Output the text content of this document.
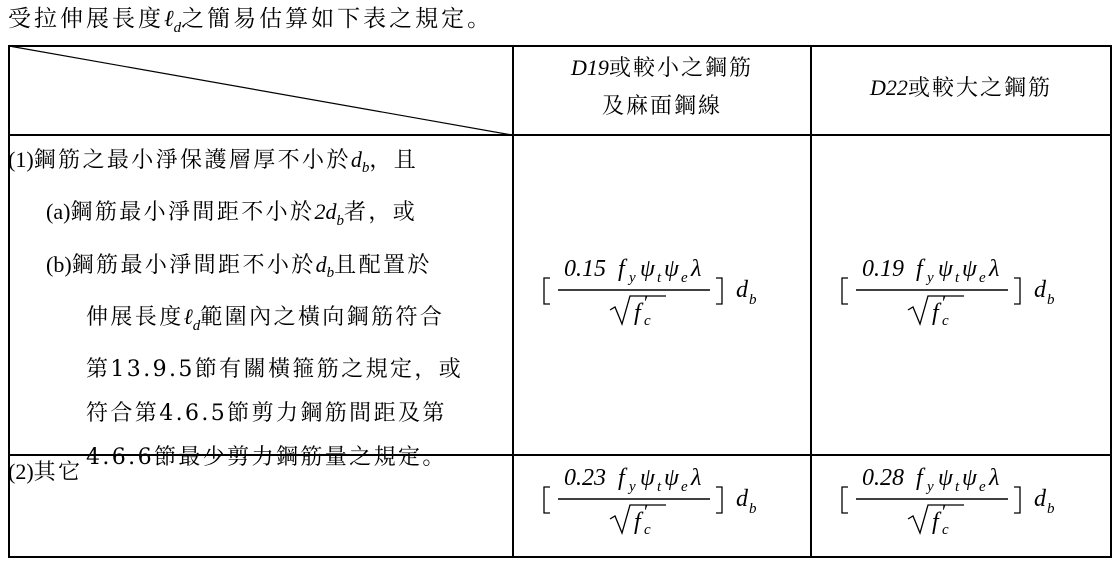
受拉伸展長度ℓ$_d$之簡易估算如下表之規定。
D19或較小之鋼筋
及麻面鋼線
D22或較大之鋼筋
(1)鋼筋之最小淨保護層厚不小於$d_b$，且
(a)鋼筋最小淨間距不小於$2d_b$者，或
(b)鋼筋最小淨間距不小於$d_b$且配置於
伸展長度ℓ$_d$範圍內之橫向鋼筋符合
第13.9.5節有關橫箍筋之規定，或
符合第4.6.5節剪力鋼筋間距及第
4.6.6節最少剪力鋼筋量之規定。
(2)其它
0.15 f y ψ t ψ e λ
f ′
c
d b
0.19 f y ψ t ψ e λ
f ′
c
d b
0.23 f y ψ t ψ e λ
f ′
c
d b
0.28 f y ψ t ψ e λ
f ′
c
d b
